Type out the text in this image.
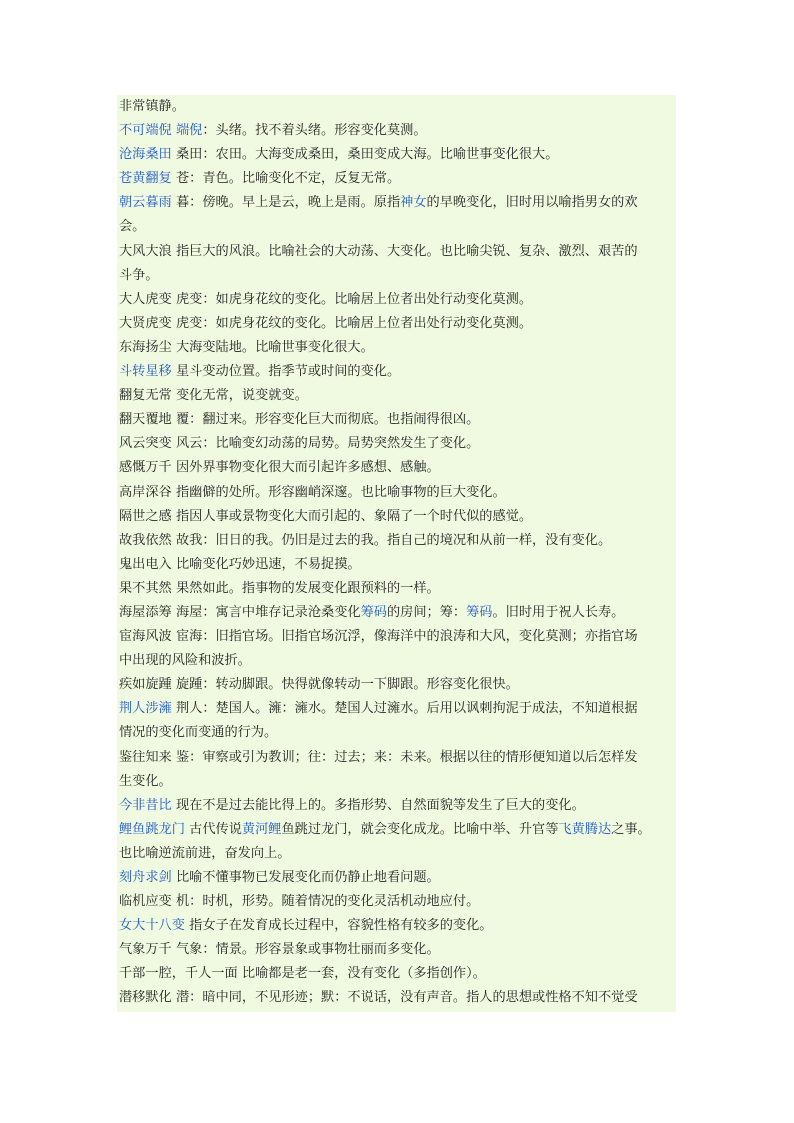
非常镇静。
不可端倪 端倪：头绪。找不着头绪。形容变化莫测。
沧海桑田 桑田：农田。大海变成桑田，桑田变成大海。比喻世事变化很大。
苍黄翻复 苍：青色。比喻变化不定，反复无常。
朝云暮雨 暮：傍晚。早上是云，晚上是雨。原指神女的早晚变化，旧时用以喻指男女的欢
会。
大风大浪 指巨大的风浪。比喻社会的大动荡、大变化。也比喻尖锐、复杂、激烈、艰苦的
斗争。
大人虎变 虎变：如虎身花纹的变化。比喻居上位者出处行动变化莫测。
大贤虎变 虎变：如虎身花纹的变化。比喻居上位者出处行动变化莫测。
东海扬尘 大海变陆地。比喻世事变化很大。
斗转星移 星斗变动位置。指季节或时间的变化。
翻复无常 变化无常，说变就变。
翻天覆地 覆：翻过来。形容变化巨大而彻底。也指闹得很凶。
风云突变 风云：比喻变幻动荡的局势。局势突然发生了变化。
感慨万千 因外界事物变化很大而引起许多感想、感触。
高岸深谷 指幽僻的处所。形容幽峭深邃。也比喻事物的巨大变化。
隔世之感 指因人事或景物变化大而引起的、象隔了一个时代似的感觉。
故我依然 故我：旧日的我。仍旧是过去的我。指自己的境况和从前一样，没有变化。
鬼出电入 比喻变化巧妙迅速，不易捉摸。
果不其然 果然如此。指事物的发展变化跟预料的一样。
海屋添筹 海屋：寓言中堆存记录沧桑变化筹码的房间；筹：筹码。旧时用于祝人长寿。
宦海风波 宦海：旧指官场。旧指官场沉浮，像海洋中的浪涛和大风，变化莫测；亦指官场
中出现的风险和波折。
疾如旋踵 旋踵：转动脚跟。快得就像转动一下脚跟。形容变化很快。
荆人涉澭 荆人：楚国人。澭：澭水。楚国人过澭水。后用以讽刺拘泥于成法，不知道根据
情况的变化而变通的行为。
鉴往知来 鉴：审察或引为教训；往：过去；来：未来。根据以往的情形便知道以后怎样发
生变化。
今非昔比 现在不是过去能比得上的。多指形势、自然面貌等发生了巨大的变化。
鲤鱼跳龙门 古代传说黄河鲤鱼跳过龙门，就会变化成龙。比喻中举、升官等飞黄腾达之事。
也比喻逆流前进，奋发向上。
刻舟求剑 比喻不懂事物已发展变化而仍静止地看问题。
临机应变 机：时机，形势。随着情况的变化灵活机动地应付。
女大十八变 指女子在发育成长过程中，容貌性格有较多的变化。
气象万千 气象：情景。形容景象或事物壮丽而多变化。
千部一腔，千人一面 比喻都是老一套，没有变化（多指创作）。
潜移默化 潜：暗中同，不见形迹；默：不说话，没有声音。指人的思想或性格不知不觉受
